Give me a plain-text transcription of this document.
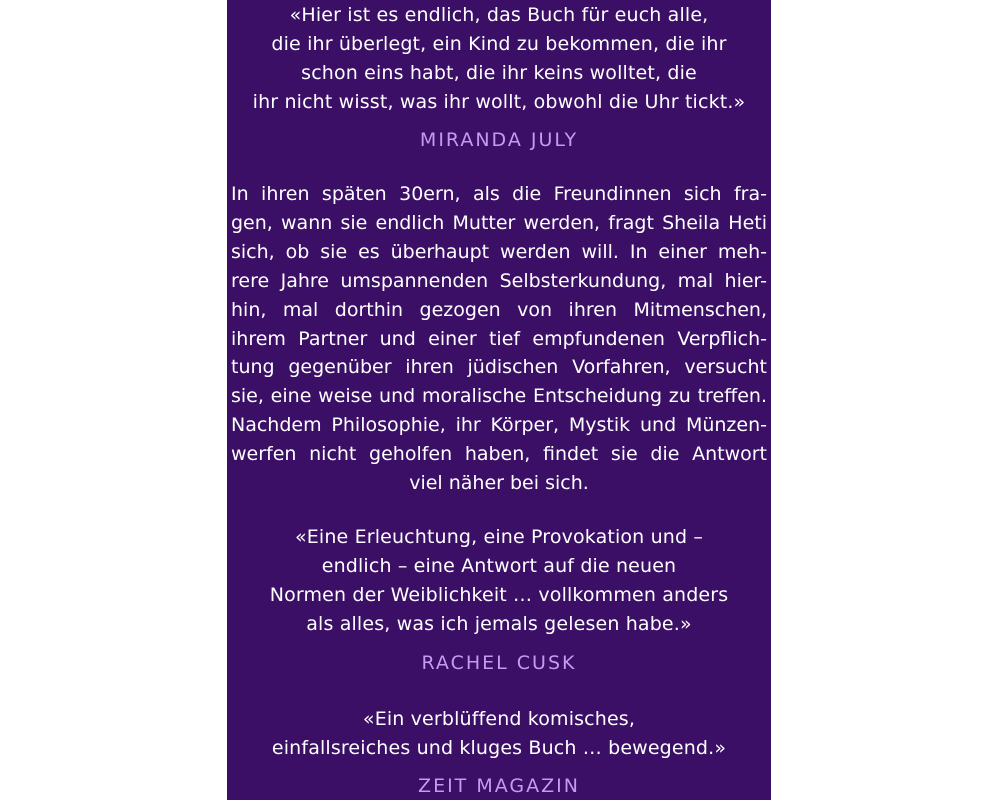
«Hier ist es endlich, das Buch für euch alle,
die ihr überlegt, ein Kind zu bekommen, die ihr
schon eins habt, die ihr keins wolltet, die
ihr nicht wisst, was ihr wollt, obwohl die Uhr tickt.»
MIRANDA JULY
In ihren späten 30ern, als die Freundinnen sich fra-
gen, wann sie endlich Mutter werden, fragt Sheila Heti
sich, ob sie es überhaupt werden will. In einer meh-
rere Jahre umspannenden Selbsterkundung, mal hier-
hin, mal dorthin gezogen von ihren Mitmenschen,
ihrem Partner und einer tief empfundenen Verpflich-
tung gegenüber ihren jüdischen Vorfahren, versucht
sie, eine weise und moralische Entscheidung zu treffen.
Nachdem Philosophie, ihr Körper, Mystik und Münzen-
werfen nicht geholfen haben, findet sie die Antwort
viel näher bei sich.
«Eine Erleuchtung, eine Provokation und –
endlich – eine Antwort auf die neuen
Normen der Weiblichkeit … vollkommen anders
als alles, was ich jemals gelesen habe.»
RACHEL CUSK
«Ein verblüffend komisches,
einfallsreiches und kluges Buch … bewegend.»
ZEIT MAGAZIN
